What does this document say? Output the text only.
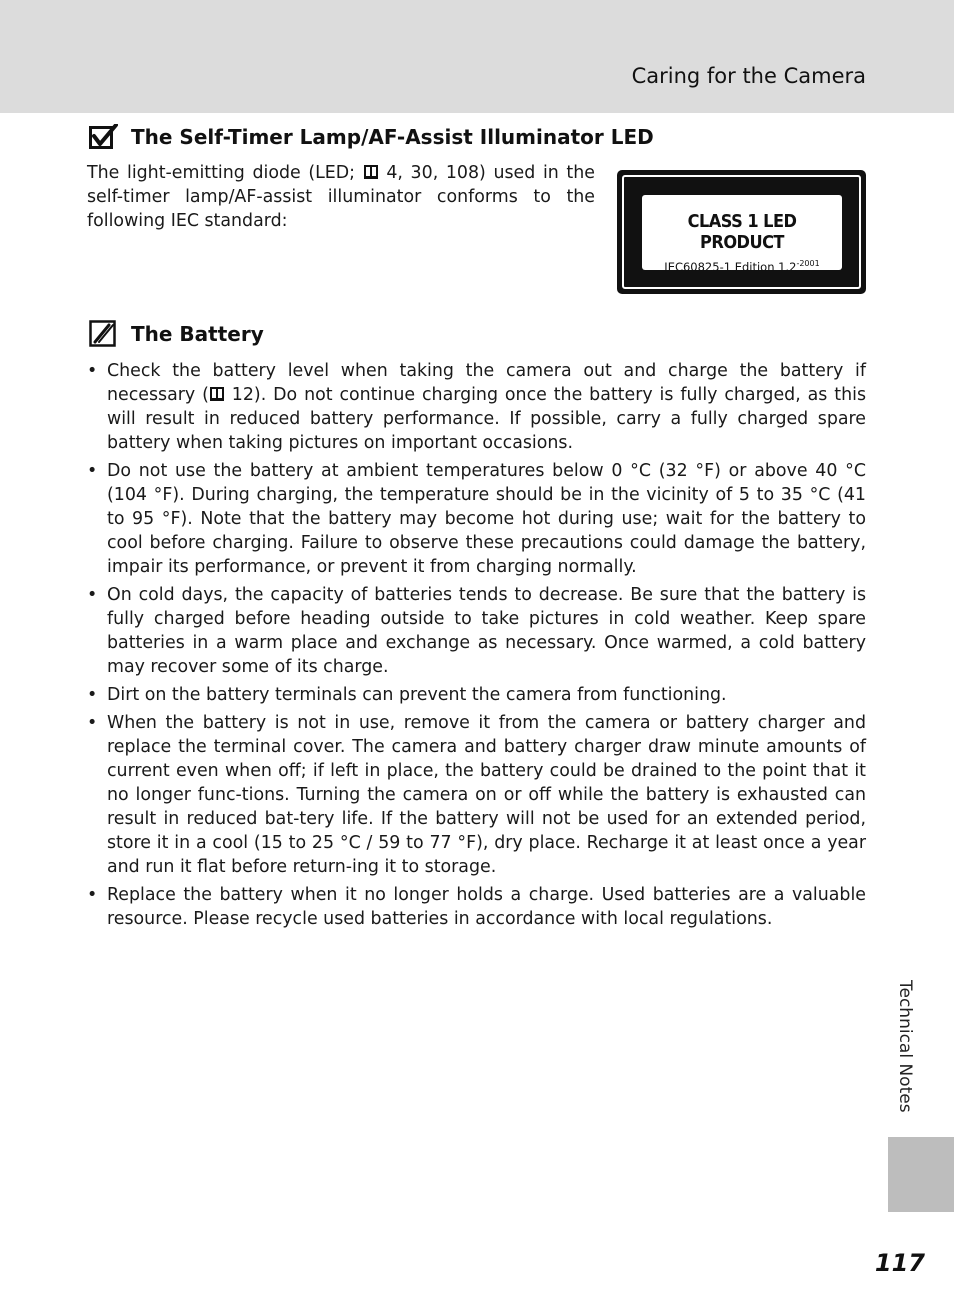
Caring for the Camera
The Self-Timer Lamp/AF-Assist Illuminator LED

The light-emitting diode (LED;  4, 30, 108) used in the self-timer lamp/AF-assist illuminator conforms to the following IEC standard:	CLASS 1 LED PRODUCT
IEC60825-1 Edition $1.2^{-2001}$
The Battery
• Check the battery level when taking the camera out and charge the battery if necessary ( 12). Do not continue charging once the battery is fully charged, as this will result in reduced battery performance. If possible, carry a fully charged spare battery when taking pictures on important occasions.
• Do not use the battery at ambient temperatures below 0 °C (32 °F) or above 40 °C (104 °F). During charging, the temperature should be in the vicinity of 5 to 35 °C (41 to 95 °F). Note that the battery may become hot during use; wait for the battery to cool before charging. Failure to observe these precautions could damage the battery, impair its performance, or prevent it from charging normally.
• On cold days, the capacity of batteries tends to decrease. Be sure that the battery is fully charged before heading outside to take pictures in cold weather. Keep spare batteries in a warm place and exchange as necessary. Once warmed, a cold battery may recover some of its charge.
• Dirt on the battery terminals can prevent the camera from functioning.
• When the battery is not in use, remove it from the camera or battery charger and replace the terminal cover. The camera and battery charger draw minute amounts of current even when off; if left in place, the battery could be drained to the point that it no longer func-tions. Turning the camera on or off while the battery is exhausted can result in reduced bat-tery life. If the battery will not be used for an extended period, store it in a cool (15 to 25 °C / 59 to 77 °F), dry place. Recharge it at least once a year and run it flat before return-ing it to storage.
• Replace the battery when it no longer holds a charge. Used batteries are a valuable resource. Please recycle used batteries in accordance with local regulations.
Technical Notes
117
